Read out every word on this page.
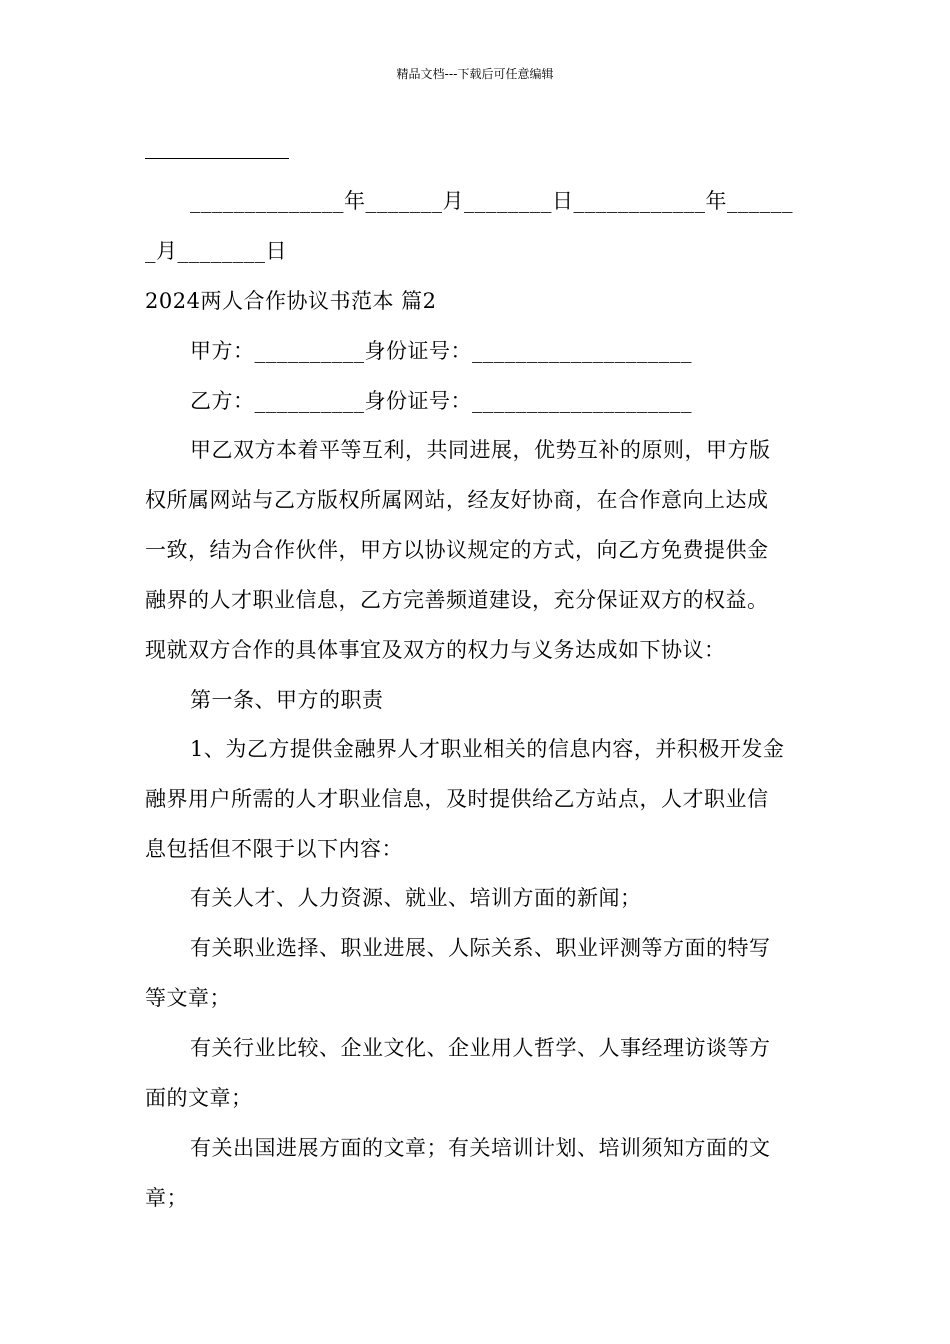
精品文档---下载后可任意编辑
______________年_______月________日____________年______
_月________日
2024两人合作协议书范本 篇2
甲方：__________身份证号：____________________
乙方：__________身份证号：____________________
甲乙双方本着平等互利，共同进展，优势互补的原则，甲方版
权所属网站与乙方版权所属网站，经友好协商，在合作意向上达成
一致，结为合作伙伴，甲方以协议规定的方式，向乙方免费提供金
融界的人才职业信息，乙方完善频道建设，充分保证双方的权益。
现就双方合作的具体事宜及双方的权力与义务达成如下协议：
第一条、甲方的职责
1、为乙方提供金融界人才职业相关的信息内容，并积极开发金
融界用户所需的人才职业信息，及时提供给乙方站点，人才职业信
息包括但不限于以下内容：
有关人才、人力资源、就业、培训方面的新闻；
有关职业选择、职业进展、人际关系、职业评测等方面的特写
等文章；
有关行业比较、企业文化、企业用人哲学、人事经理访谈等方
面的文章；
有关出国进展方面的文章；有关培训计划、培训须知方面的文
章；
